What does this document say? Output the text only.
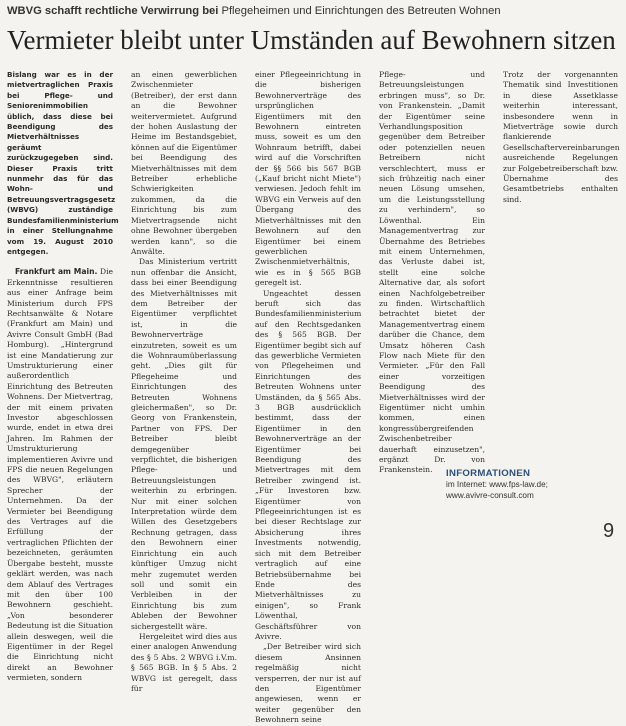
WBVG schafft rechtliche Verwirrung bei Pflegeheimen und Einrichtungen des Betreuten Wohnen
Vermieter bleibt unter Umständen auf Bewohnern sitzen

Bislang war es in der mietvertraglichen Praxis bei Pflege- und Seniorenimmobilien üblich, dass diese bei Beendigung des Mietverhältnisses geräumt zurückzugegeben sind. Dieser Praxis tritt nunmehr das für das Wohn- und Betreuungsvertragsgesetz (WBVG) zuständige Bundesfamilienministerium in einer Stellungnahme vom 19. August 2010 entgegen.

Frankfurt am Main. Die Erkenntnisse resultieren aus einer Anfrage beim Ministerium durch FPS Rechtsanwälte & Notare (Frankfurt am Main) und Avivre Consult GmbH (Bad Homburg). „Hintergrund ist eine Mandatierung zur Umstrukturierung einer außerordentlich Einrichtung des Betreuten Wohnens. Der Mietvertrag, der mit einem privaten Investor abgeschlossen wurde, endet in etwa drei Jahren. Im Rahmen der Umstrukturierung implementieren Avivre und FPS die neuen Regelungen des WBVG", erläutern Sprecher der Unternehmen. Da der Vermieter bei Beendigung des Vertrages auf die Erfüllung der vertraglichen Pflichten der bezeichneten, geräumten Übergabe besteht, musste geklärt werden, was nach dem Ablauf des Vertrages mit den über 100 Bewohnern geschieht. „Von besonderer Bedeutung ist die Situation allein deswegen, weil die Eigentümer in der Regel die Einrichtung nicht direkt an Bewohner vermieten, sondern

an einen gewerblichen Zwischenmieter (Betreiber), der erst dann an die Bewohner weitervermietet. Aufgrund der hohen Auslastung der Heime im Bestandsgebiet, können auf die Eigentümer bei Beendigung des Mietverhältnisses mit dem Betreiber erhebliche Schwierigkeiten zukommen, da die Einrichtung bis zum Mietvertragsende nicht ohne Bewohner übergeben werden kann", so die Anwälte.

Das Ministerium vertritt nun offenbar die Ansicht, dass bei einer Beendigung des Mietverhältnisses mit dem Betreiber der Eigentümer verpflichtet ist, in die Bewohnerverträge einzutreten, soweit es um die Wohnraumüberlassung geht. „Dies gilt für Pflegeheime und Einrichtungen des Betreuten Wohnens gleichermaßen", so Dr. Georg von Frankenstein, Partner von FPS. Der Betreiber bleibt demgegenüber verpflichtet, die bisherigen Pflege- und Betreuungsleistungen weiterhin zu erbringen. Nur mit einer solchen Interpretation würde dem Willen des Gesetzgebers Rechnung getragen, dass den Bewohnern einer Einrichtung ein auch künftiger Umzug nicht mehr zugemutet werden soll und somit ein Verbleiben in der Einrichtung bis zum Ableben der Bewohner sichergestellt wäre.

Hergeleitet wird dies aus einer analogen Anwendung des § 5 Abs. 2 WBVG i.V.m. § 565 BGB. In § 5 Abs. 2 WBVG ist geregelt, dass für

einer Pflegeeinrichtung in die bisherigen Bewohnerverträge des ursprünglichen Eigentümers mit den Bewohnern eintreten muss, soweit es um den Wohnraum betrifft, dabei wird auf die Vorschriften der §§ 566 bis 567 BGB („Kauf bricht nicht Miete") verwiesen. Jedoch fehlt im WBVG ein Verweis auf den Übergang des Mietverhältnisses mit den Bewohnern auf den Eigentümer bei einem gewerblichen Zwischenmietverhältnis, wie es in § 565 BGB geregelt ist.

Ungeachtet dessen beruft sich das Bundesfamilienministerium auf den Rechtsgedanken des § 565 BGB. Der Eigentümer begibt sich auf das gewerbliche Vermieten von Pflegeheimen und Einrichtungen des Betreuten Wohnens unter Umständen, da § 565 Abs. 3 BGB ausdrücklich bestimmt, dass der Eigentümer in den Bewohnerverträge an der Eigentümer bei Beendigung des Mietvertrages mit dem Betreiber zwingend ist. „Für Investoren bzw. Eigentümer von Pflegeeinrichtungen ist es bei dieser Rechtslage zur Absicherung ihres Investments notwendig, sich mit dem Betreiber vertraglich auf eine Betriebsübernahme bei Ende des Mietverhältnisses zu einigen", so Frank Löwenthal, Geschäftsführer von Avivre.

„Der Betreiber wird sich diesem Ansinnen regelmäßig nicht versperren, der nur ist auf den Eigentümer angewiesen, wenn er weiter gegenüber den Bewohnern seine

Pflege- und Betreuungsleistungen erbringen muss", so Dr. von Frankenstein. „Damit der Eigentümer seine Verhandlungsposition gegenüber dem Betreiber oder potenziellen neuen Betreibern nicht verschlechtert, muss er sich frühzeitig nach einer neuen Lösung umsehen, um die Leistungsstellung zu verhindern", so Löwenthal. Ein Managementvertrag zur Übernahme des Betriebes mit einem Unternehmen, das Verluste dabei ist, stellt eine solche Alternative dar, als sofort einen Nachfolgebetreiber zu finden. Wirtschaftlich betrachtet bietet der Managementvertrag einem darüber die Chance, dem Umsatz höheren Cash Flow nach Miete für den Vermieter. „Für den Fall einer vorzeitigen Beendigung des Mietverhältnisses wird der Eigentümer nicht umhin kommen, einen kongressübergreifenden Zwischenbetreiber dauerhaft einzusetzen", ergänzt Dr. von Frankenstein.

Trotz der vorgenannten Thematik sind Investitionen in diese Assetklasse weiterhin interessant, insbesondere wenn in Mietverträge sowie durch flankierende Gesellschaftervereinbarungen ausreichende Regelungen zur Folgebetreiberschaft bzw. Übernahme des Gesamtbetriebs enthalten sind.

INFORMATIONEN
im Internet: www.fps-law.de;
www.avivre-consult.com
9
